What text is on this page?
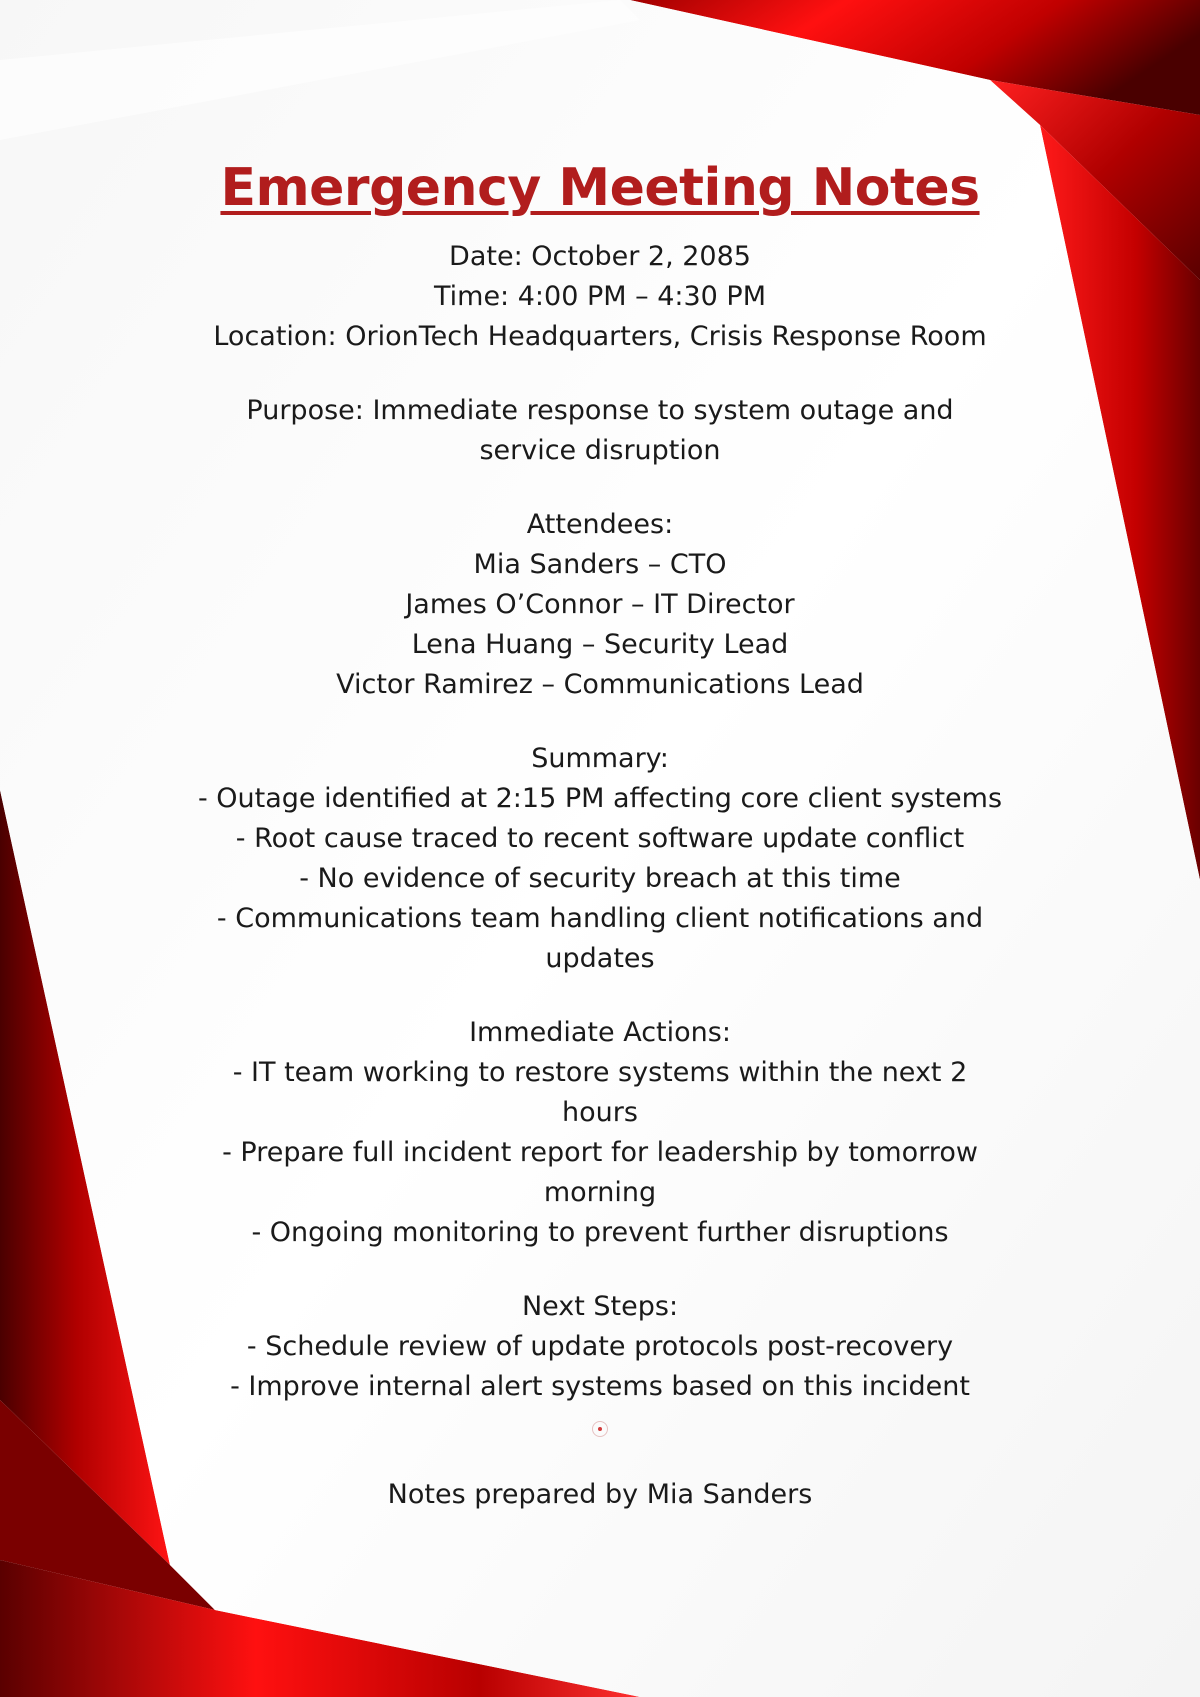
Emergency Meeting Notes

Date: October 2, 2085

Time: 4:00 PM – 4:30 PM

Location: OrionTech Headquarters, Crisis Response Room

Purpose: Immediate response to system outage and

service disruption

Attendees:

Mia Sanders – CTO

James O’Connor – IT Director

Lena Huang – Security Lead

Victor Ramirez – Communications Lead

Summary:

- Outage identified at 2:15 PM affecting core client systems

- Root cause traced to recent software update conflict

- No evidence of security breach at this time

- Communications team handling client notifications and

updates

Immediate Actions:

- IT team working to restore systems within the next 2

hours

- Prepare full incident report for leadership by tomorrow

morning

- Ongoing monitoring to prevent further disruptions

Next Steps:

- Schedule review of update protocols post-recovery

- Improve internal alert systems based on this incident

Notes prepared by Mia Sanders
